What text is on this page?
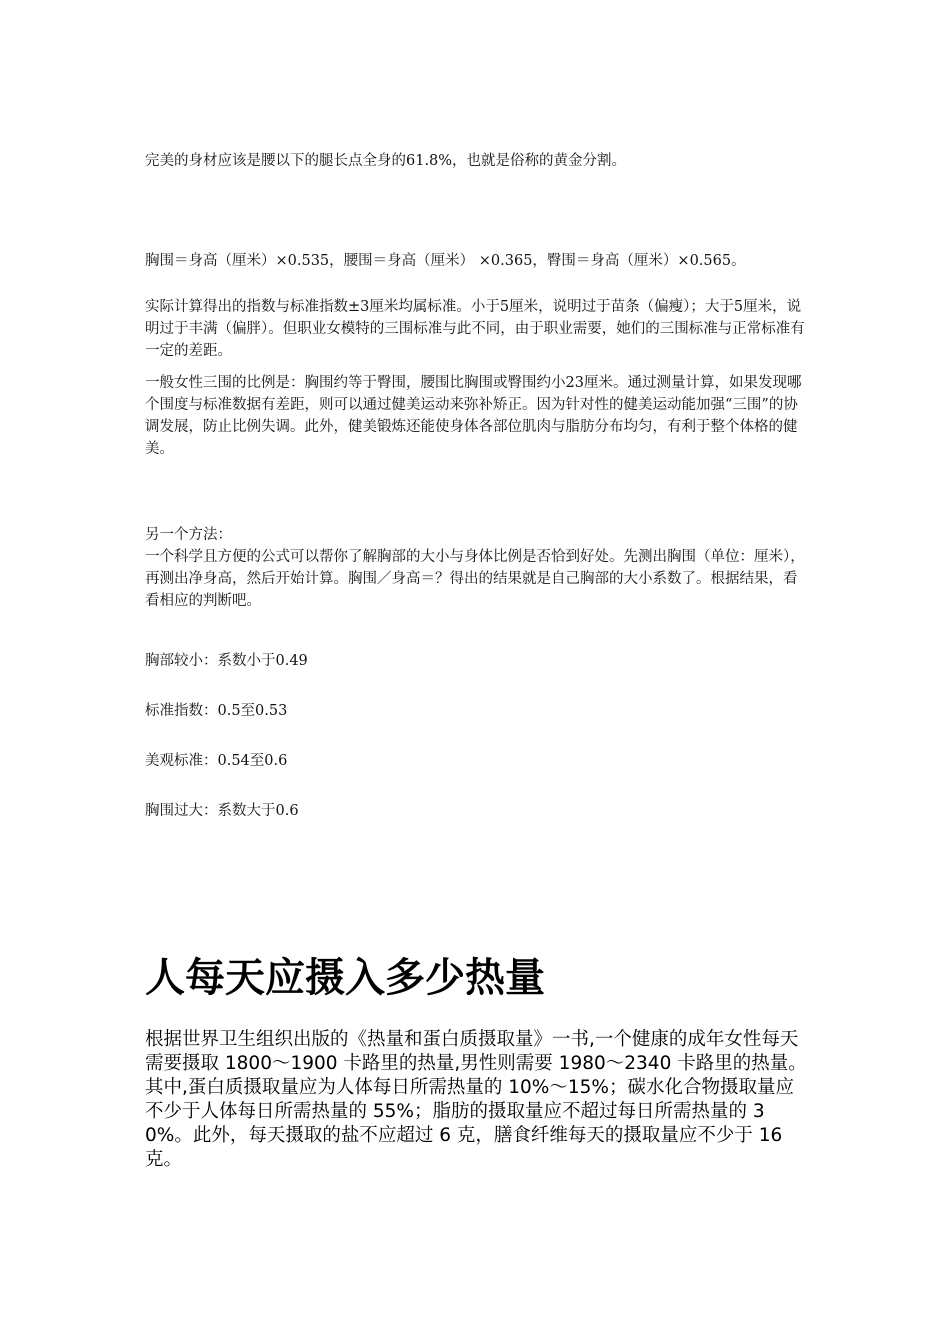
完美的身材应该是腰以下的腿长点全身的61.8%，也就是俗称的黄金分割。

胸围＝身高（厘米）×0.535，腰围＝身高（厘米） ×0.365，臀围＝身高（厘米）×0.565。

实际计算得出的指数与标准指数±3厘米均属标准。小于5厘米，说明过于苗条（偏瘦）；大于5厘米，说明过于丰满（偏胖）。但职业女模特的三围标准与此不同，由于职业需要，她们的三围标准与正常标准有一定的差距。

一般女性三围的比例是：胸围约等于臀围，腰围比胸围或臀围约小23厘米。通过测量计算，如果发现哪个围度与标准数据有差距，则可以通过健美运动来弥补矫正。因为针对性的健美运动能加强“三围”的协调发展，防止比例失调。此外，健美锻炼还能使身体各部位肌肉与脂肪分布均匀，有利于整个体格的健美。

另一个方法：

一个科学且方便的公式可以帮你了解胸部的大小与身体比例是否恰到好处。先测出胸围（单位：厘米），再测出净身高，然后开始计算。胸围／身高＝？得出的结果就是自己胸部的大小系数了。根据结果，看看相应的判断吧。

胸部较小：系数小于0.49

标准指数：0.5至0.53

美观标准：0.54至0.6

胸围过大：系数大于0.6

人每天应摄入多少热量

根据世界卫生组织出版的《热量和蛋白质摄取量》一书,一个健康的成年女性每天需要摄取 1800～1900 卡路里的热量,男性则需要 1980～2340 卡路里的热量。其中,蛋白质摄取量应为人体每日所需热量的 10%～15%；碳水化合物摄取量应不少于人体每日所需热量的 55%；脂肪的摄取量应不超过每日所需热量的 30%。此外，每天摄取的盐不应超过 6 克，膳食纤维每天的摄取量应不少于 16 克。
